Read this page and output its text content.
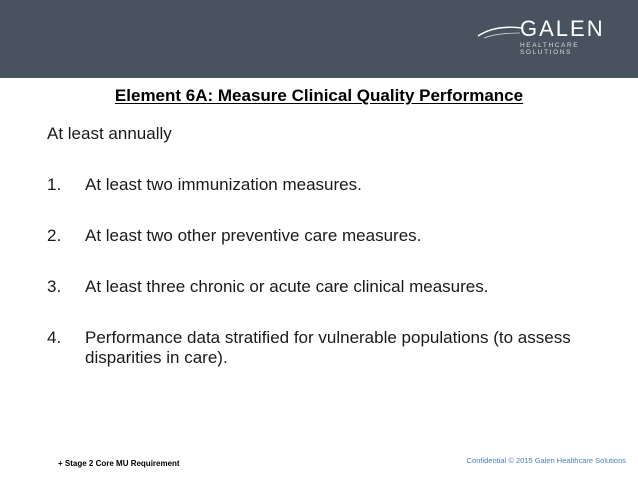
GALEN
HEALTHCARE SOLUTIONS
Element 6A: Measure Clinical Quality Performance

At least annually

1.	At least two immunization measures.
2.	At least two other preventive care measures.
3.	At least three chronic or acute care clinical measures.
4.	Performance data stratified for vulnerable populations (to assess disparities in care).
+ Stage 2 Core MU Requirement	Confidential © 2015 Galen Healthcare Solutions
